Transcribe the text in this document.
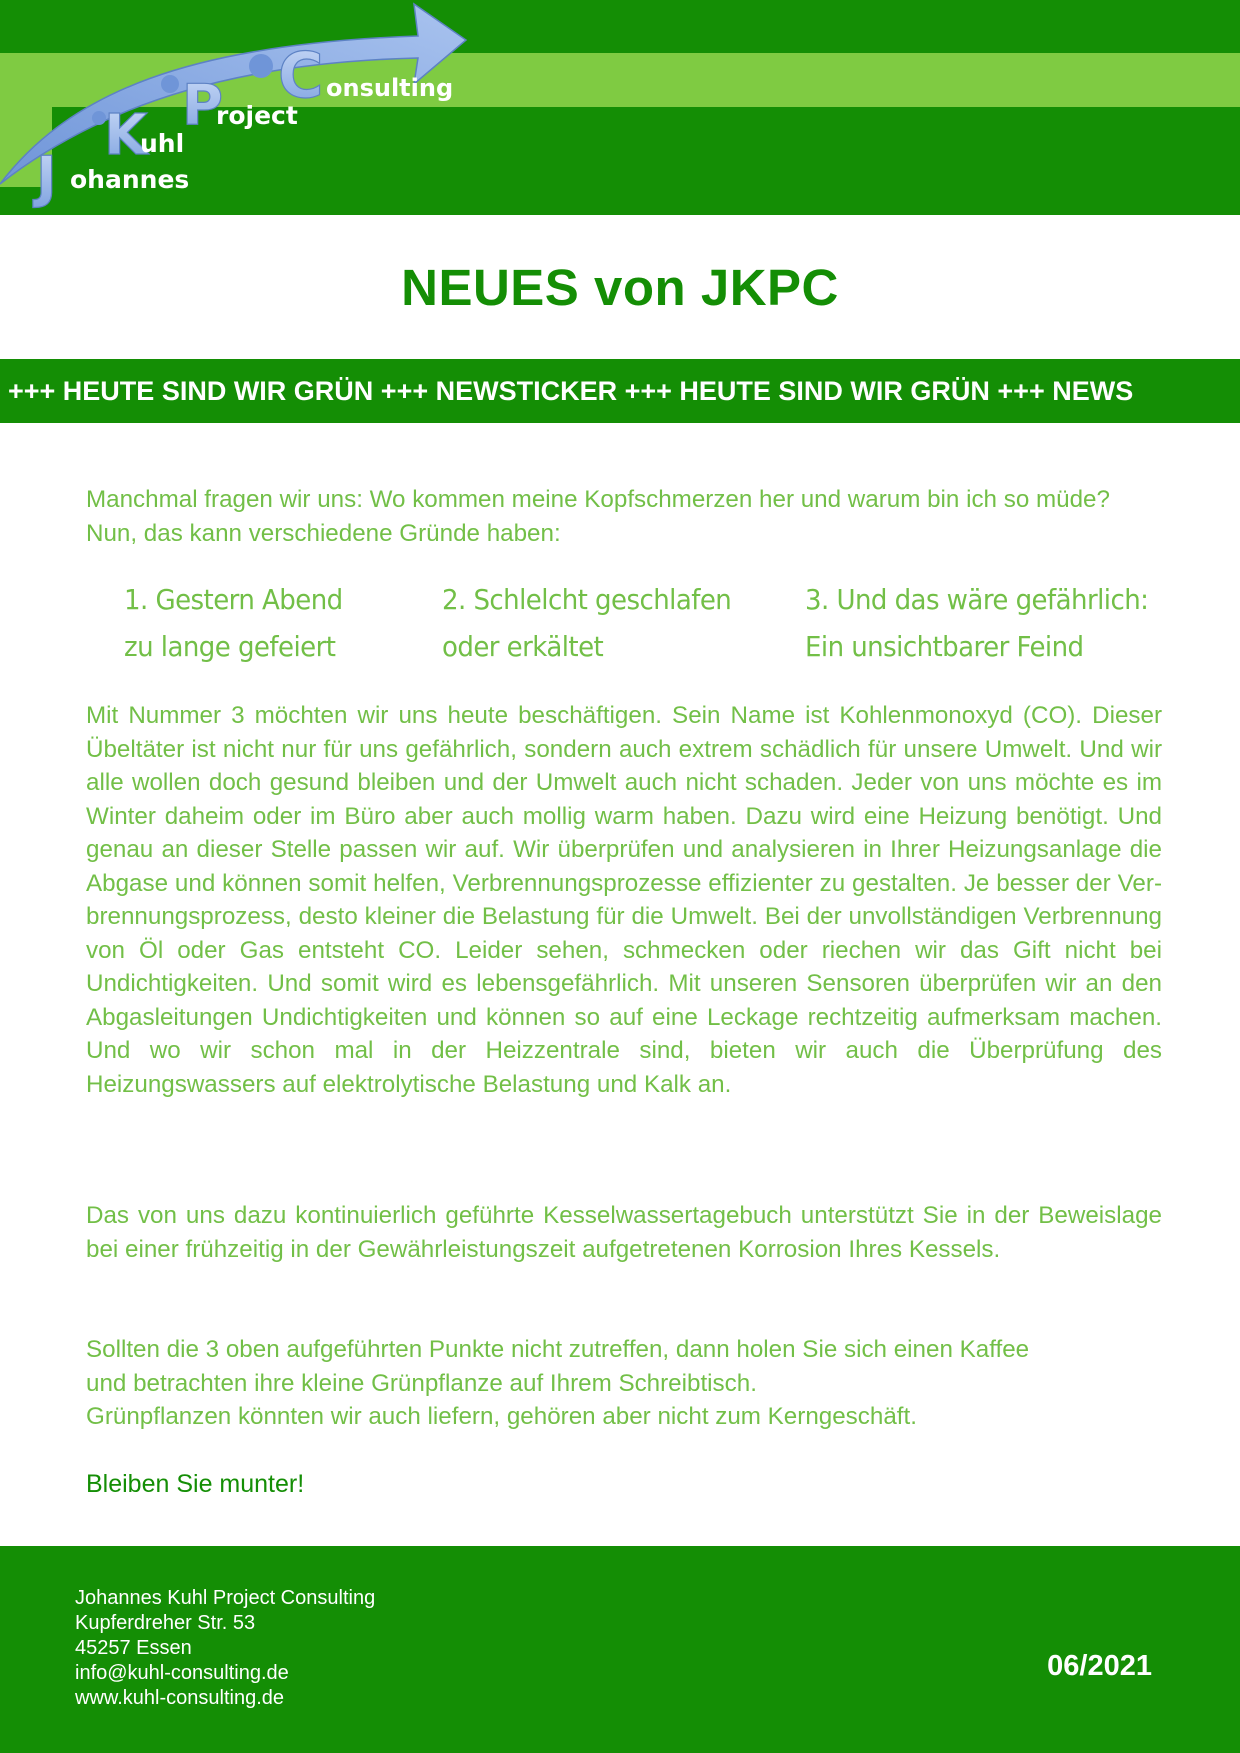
J ohannes
K
uhl
P
roject
C onsulting
NEUES von JKPC
+++ HEUTE SIND WIR GRÜN +++ NEWSTICKER +++ HEUTE SIND WIR GRÜN +++ NEWS

Manchmal fragen wir uns: Wo kommen meine Kopfschmerzen her und warum bin ich so müde? Nun, das kann verschiedene Gründe haben:

1. Gestern Abend
zu lange gefeiert
2. Schlelcht geschlafen
oder erkältet
3. Und das wäre gefährlich:
Ein unsichtbarer Feind

Mit Nummer 3 möchten wir uns heute beschäftigen. Sein Name ist Kohlenmonoxyd (CO). Dieser Übeltäter ist nicht nur für uns gefährlich, sondern auch extrem schädlich für unsere Umwelt. Und wir alle wollen doch gesund bleiben und der Umwelt auch nicht schaden. Jeder von uns möchte es im Winter daheim oder im Büro aber auch mollig warm haben. Dazu wird eine Heizung benötigt. Und genau an dieser Stelle passen wir auf. Wir überprüfen und analysieren in Ihrer Heizungsanlage die Abgase und können somit helfen, Verbrennungsprozesse effizienter zu gestalten. Je besser der Verbrennungsprozess, desto kleiner die Belastung für die Umwelt. Bei der unvollständigen Verbrennung von Öl oder Gas entsteht CO. Leider sehen, schmecken oder riechen wir das Gift nicht bei Undichtigkeiten. Und somit wird es lebensgefährlich. Mit unseren Sensoren überprüfen wir an den Abgasleitungen Undichtigkeiten und können so auf eine Leckage rechtzeitig aufmerksam machen. Und wo wir schon mal in der Heizzentrale sind, bieten wir auch die Überprüfung des Heizungswassers auf elektrolytische Belastung und Kalk an.

Das von uns dazu kontinuierlich geführte Kesselwassertagebuch unterstützt Sie in der Beweislage bei einer frühzeitig in der Gewährleistungszeit aufgetretenen Korrosion Ihres Kessels.

Sollten die 3 oben aufgeführten Punkte nicht zutreffen, dann holen Sie sich einen Kaffee
und betrachten ihre kleine Grünpflanze auf Ihrem Schreibtisch.
Grünpflanzen könnten wir auch liefern, gehören aber nicht zum Kerngeschäft.

Bleiben Sie munter!

Johannes Kuhl Project Consulting
Kupferdreher Str. 53
45257 Essen
info@kuhl-consulting.de
www.kuhl-consulting.de
06/2021
